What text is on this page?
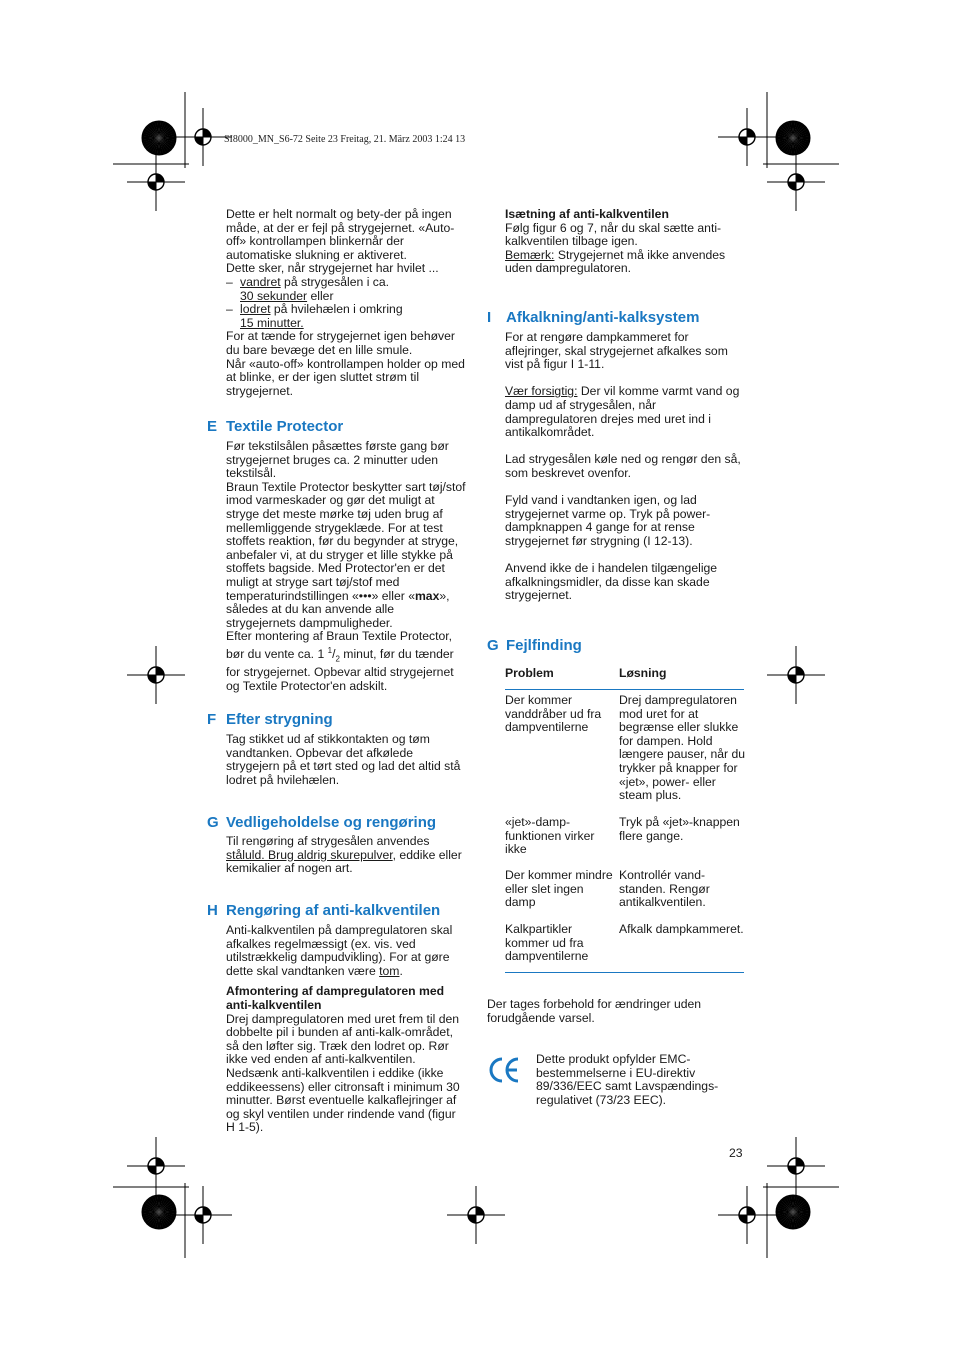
SI8000_MN_S6-72 Seite 23 Freitag, 21. März 2003 1:24 13

Dette er helt normalt og bety-der på ingen måde, at der er fejl på strygejernet. «Auto-off» kontrollampen blinkernår der automatiske slukning er aktiveret.

Dette sker, når strygejernet har hvilet ...

– vandret på strygesålen i ca.
30 sekunder eller

– lodret på hvilehælen i omkring
15 minutter.

For at tænde for strygejernet igen behøver du bare bevæge det en lille smule.

Når «auto-off» kontrollampen holder op med at blinke, er der igen sluttet strøm til strygejernet.

E Textile Protector

Før tekstilsålen påsættes første gang bør strygejernet bruges ca. 2 minutter uden tekstilsål.

Braun Textile Protector beskytter sart tøj/stof imod varmeskader og gør det muligt at stryge det meste mørke tøj uden brug af mellemliggende strygeklæde. For at test stoffets reaktion, før du begynder at stryge, anbefaler vi, at du stryger et lille stykke på stoffets bagside. Med Protector'en er det muligt at stryge sart tøj/stof med temperaturindstillingen «•••» eller «max», således at du kan anvende alle strygejernets dampmuligheder.

Efter montering af Braun Textile Protector, bør du vente ca. 1 $^1/_2$ minut, før du tænder for strygejernet. Opbevar altid strygejernet og Textile Protector'en adskilt.

F Efter strygning

Tag stikket ud af stikkontakten og tøm vandtanken. Opbevar det afkølede strygejern på et tørt sted og lad det altid stå lodret på hvilehælen.

G Vedligeholdelse og rengøring

Til rengøring af strygesålen anvendes ståluld. Brug aldrig skurepulver, eddike eller kemikalier af nogen art.

H Rengøring af anti-kalkventilen

Anti-kalkventilen på dampregulatoren skal afkalkes regelmæssigt (ex. vis. ved utilstrækkelig dampudvikling). For at gøre dette skal vandtanken være tom.

Afmontering af dampregulatoren med anti-kalkventilen

Drej dampregulatoren med uret frem til den dobbelte pil i bunden af anti-kalk-området, så den løfter sig. Træk den lodret op. Rør ikke ved enden af anti-kalkventilen. Nedsænk anti-kalkventilen i eddike (ikke eddikeessens) eller citronsaft i minimum 30 minutter. Børst eventuelle kalkaflejringer af og skyl ventilen under rindende vand (figur H 1-5).

Isætning af anti-kalkventilen

Følg figur 6 og 7, når du skal sætte anti-kalkventilen tilbage igen.

Bemærk: Strygejernet må ikke anvendes uden dampregulatoren.

I Afkalkning/anti-kalksystem

For at rengøre dampkammeret for aflejringer, skal strygejernet afkalkes som vist på figur I 1-11.

Vær forsigtig: Der vil komme varmt vand og damp ud af strygesålen, når dampregulatoren drejes med uret ind i antikalkområdet.

Lad strygesålen køle ned og rengør den så, som beskrevet ovenfor.

Fyld vand i vandtanken igen, og lad strygejernet varme op. Tryk på power-dampknappen 4 gange for at rense strygejernet før strygning (I 12-13).

Anvend ikke de i handelen tilgængelige afkalkningsmidler, da disse kan skade strygejernet.

G Fejlfinding
Problem	Løsning
Der kommer vanddråber ud fra dampventilerne
Drej dampregulatoren mod uret for at begrænse eller slukke for dampen. Hold længere pauser, når du trykker på knapper for «jet», power- eller steam plus.
«jet»-damp-funktionen virker ikke
Tryk på «jet»-knappen flere gange.
Der kommer mindre eller slet ingen damp
Kontrollér vand-standen. Rengør antikalkventilen.
Kalkpartikler kommer ud fra dampventilerne
Afkalk dampkammeret.
Der tages forbehold for ændringer uden forudgående varsel.
Dette produkt opfylder EMC-bestemmelserne i EU-direktiv 89/336/EEC samt Lavspændings-regulativet (73/23 EEC).
23
